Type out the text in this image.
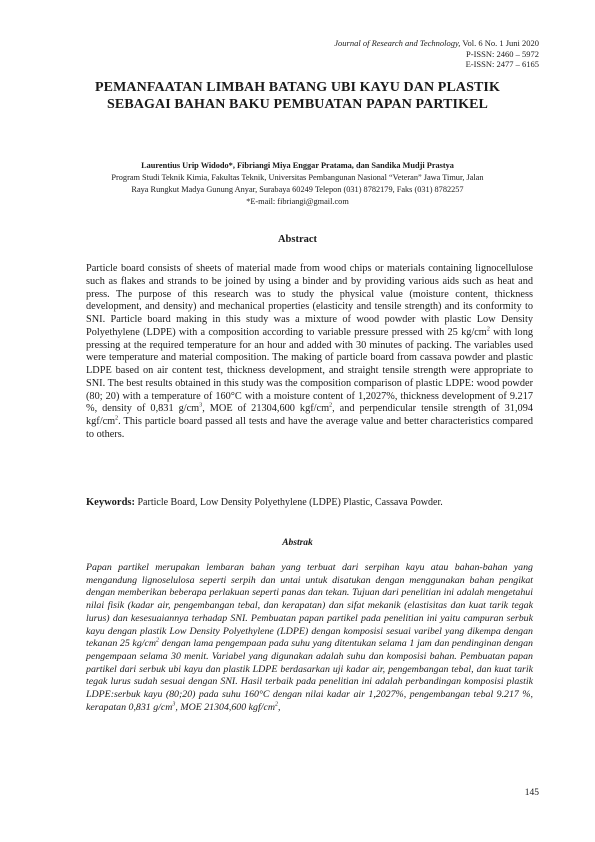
Journal of Research and Technology, Vol. 6 No. 1 Juni 2020
P-ISSN: 2460 – 5972
E-ISSN: 2477 – 6165
PEMANFAATAN LIMBAH BATANG UBI KAYU DAN PLASTIK SEBAGAI BAHAN BAKU PEMBUATAN PAPAN PARTIKEL
Laurentius Urip Widodo*, Fibriangi Miya Enggar Pratama, dan Sandika Mudji Prastya
Program Studi Teknik Kimia, Fakultas Teknik, Universitas Pembangunan Nasional “Veteran” Jawa Timur, Jalan
Raya Rungkut Madya Gunung Anyar, Surabaya 60249 Telepon (031) 8782179, Faks (031) 8782257
*E-mail: fibriangi@gmail.com
Abstract
Particle board consists of sheets of material made from wood chips or materials containing lignocellulose such as flakes and strands to be joined by using a binder and by providing various aids such as heat and press. The purpose of this research was to study the physical value (moisture content, thickness development, and density) and mechanical properties (elasticity and tensile strength) and its conformity to SNI. Particle board making in this study was a mixture of wood powder with plastic Low Density Polyethylene (LDPE) with a composition according to variable pressure pressed with 25 $kg/cm^2$ with long pressing at the required temperature for an hour and added with 30 minutes of packing. The variables used were temperature and material composition. The making of particle board from cassava powder and plastic LDPE based on air content test, thickness development, and straight tensile strength were appropriate to SNI. The best results obtained in this study was the composition comparison of plastic LDPE: wood powder (80; 20) with a temperature of 160°C with a moisture content of 1,2027%, thickness development of 9.217 %, density of 0,831 $g/cm^3$, MOE of 21304,600 kgf/$cm^2$, and perpendicular tensile strength of 31,094 kgf/$cm^2$. This particle board passed all tests and have the average value and better characteristics compared to others.
Keywords: Particle Board, Low Density Polyethylene (LDPE) Plastic, Cassava Powder.
Abstrak
Papan partikel merupakan lembaran bahan yang terbuat dari serpihan kayu atau bahan-bahan yang mengandung lignoselulosa seperti serpih dan untai untuk disatukan dengan menggunakan bahan pengikat dengan memberikan beberapa perlakuan seperti panas dan tekan. Tujuan dari penelitian ini adalah mengetahui nilai fisik (kadar air, pengembangan tebal, dan kerapatan) dan sifat mekanik (elastisitas dan kuat tarik tegak lurus) dan kesesuaiannya terhadap SNI. Pembuatan papan partikel pada penelitian ini yaitu campuran serbuk kayu dengan plastik Low Density Polyethylene (LDPE) dengan komposisi sesuai varibel yang dikempa dengan tekanan 25 $kg/cm^2$ dengan lama pengempaan pada suhu yang ditentukan selama 1 jam dan pendinginan dengan pengempaan selama 30 menit. Variabel yang digunakan adalah suhu dan komposisi bahan. Pembuatan papan partikel dari serbuk ubi kayu dan plastik LDPE berdasarkan uji kadar air, pengembangan tebal, dan kuat tarik tegak lurus sudah sesuai dengan SNI. Hasil terbaik pada penelitian ini adalah perbandingan komposisi plastik LDPE:serbuk kayu (80;20) pada suhu 160°C dengan nilai kadar air 1,2027%, pengembangan tebal 9.217 %, kerapatan 0,831 $g/cm^3$, MOE 21304,600 kgf/$cm^2$,
145
